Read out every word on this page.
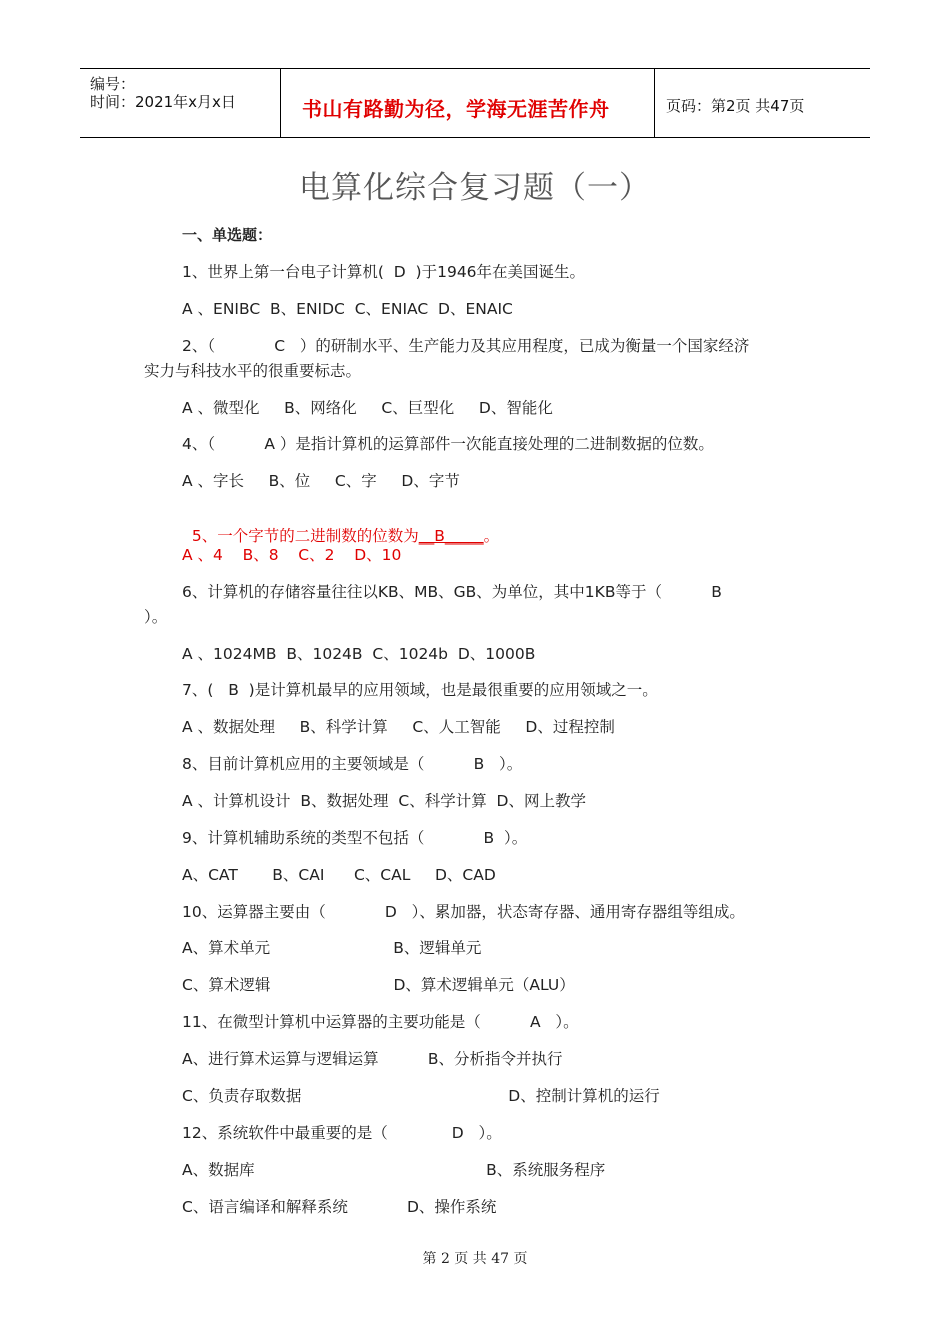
编号：
时间：2021年x月x日	书山有路勤为径，学海无涯苦作舟	页码：第2页 共47页
电算化综合复习题（一）
一、单选题：
1、世界上第一台电子计算机(  D  )于1946年在美国诞生。
A 、ENIBC  B、ENIDC  C、ENIAC  D、ENAIC
2、（            C   ）的研制水平、生产能力及其应用程度，已成为衡量一个国家经济
实力与科技水平的很重要标志。
A 、微型化     B、网络化     C、巨型化     D、智能化
4、（          A ）是指计算机的运算部件一次能直接处理的二进制数据的位数。
A 、字长     B、位     C、字     D、字节

5、一个字节的二进制数的位数为__B_____。

A 、4    B、8    C、2    D、10
6、计算机的存储容量往往以KB、MB、GB、为单位，其中1KB等于（          B
）。
A 、1024MB  B、1024B  C、1024b  D、1000B
7、(   B  )是计算机最早的应用领域，也是最很重要的应用领域之一。
A 、数据处理     B、科学计算     C、人工智能     D、过程控制
8、目前计算机应用的主要领域是（          B   ）。
A 、计算机设计  B、数据处理  C、科学计算  D、网上教学
9、计算机辅助系统的类型不包括（            B  ）。
A、CAT       B、CAI      C、CAL     D、CAD
10、运算器主要由（            D   ）、累加器，状态寄存器、通用寄存器组等组成。
A、算术单元                         B、逻辑单元
C、算术逻辑                         D、算术逻辑单元（ALU）
11、在微型计算机中运算器的主要功能是（          A   ）。
A、进行算术运算与逻辑运算          B、分析指令并执行
C、负责存取数据                                          D、控制计算机的运行
12、系统软件中最重要的是（             D   ）。
A、数据库                                               B、系统服务程序
C、语言编译和解释系统            D、操作系统
第 2 页 共 47 页
